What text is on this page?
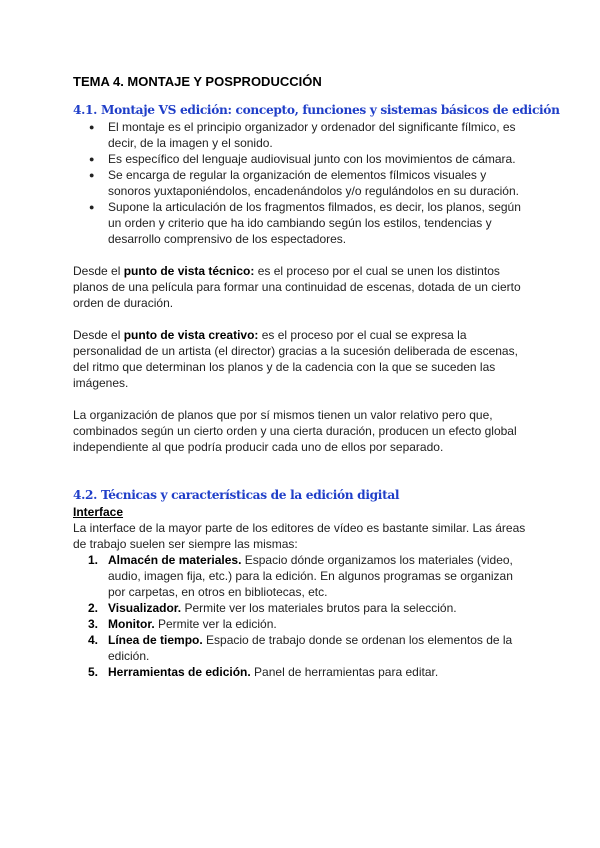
TEMA 4. MONTAJE Y POSPRODUCCIÓN
4.1. Montaje VS edición: concepto, funciones y sistemas básicos de edición
● El montaje es el principio organizador y ordenador del significante fílmico, es decir, de la imagen y el sonido.
● Es específico del lenguaje audiovisual junto con los movimientos de cámara.
● Se encarga de regular la organización de elementos fílmicos visuales y sonoros yuxtaponiéndolos, encadenándolos y/o regulándolos en su duración.
● Supone la articulación de los fragmentos filmados, es decir, los planos, según un orden y criterio que ha ido cambiando según los estilos, tendencias y desarrollo comprensivo de los espectadores.

Desde el punto de vista técnico: es el proceso por el cual se unen los distintos planos de una película para formar una continuidad de escenas, dotada de un cierto orden de duración.

Desde el punto de vista creativo: es el proceso por el cual se expresa la personalidad de un artista (el director) gracias a la sucesión deliberada de escenas, del ritmo que determinan los planos y de la cadencia con la que se suceden las imágenes.

La organización de planos que por sí mismos tienen un valor relativo pero que, combinados según un cierto orden y una cierta duración, producen un efecto global independiente al que podría producir cada uno de ellos por separado.

4.2. Técnicas y características de la edición digital
Interface

La interface de la mayor parte de los editores de vídeo es bastante similar. Las áreas de trabajo suelen ser siempre las mismas:

1. Almacén de materiales. Espacio dónde organizamos los materiales (video, audio, imagen fija, etc.) para la edición. En algunos programas se organizan por carpetas, en otros en bibliotecas, etc.
2. Visualizador. Permite ver los materiales brutos para la selección.
3. Monitor. Permite ver la edición.
4. Línea de tiempo. Espacio de trabajo donde se ordenan los elementos de la edición.
5. Herramientas de edición. Panel de herramientas para editar.
